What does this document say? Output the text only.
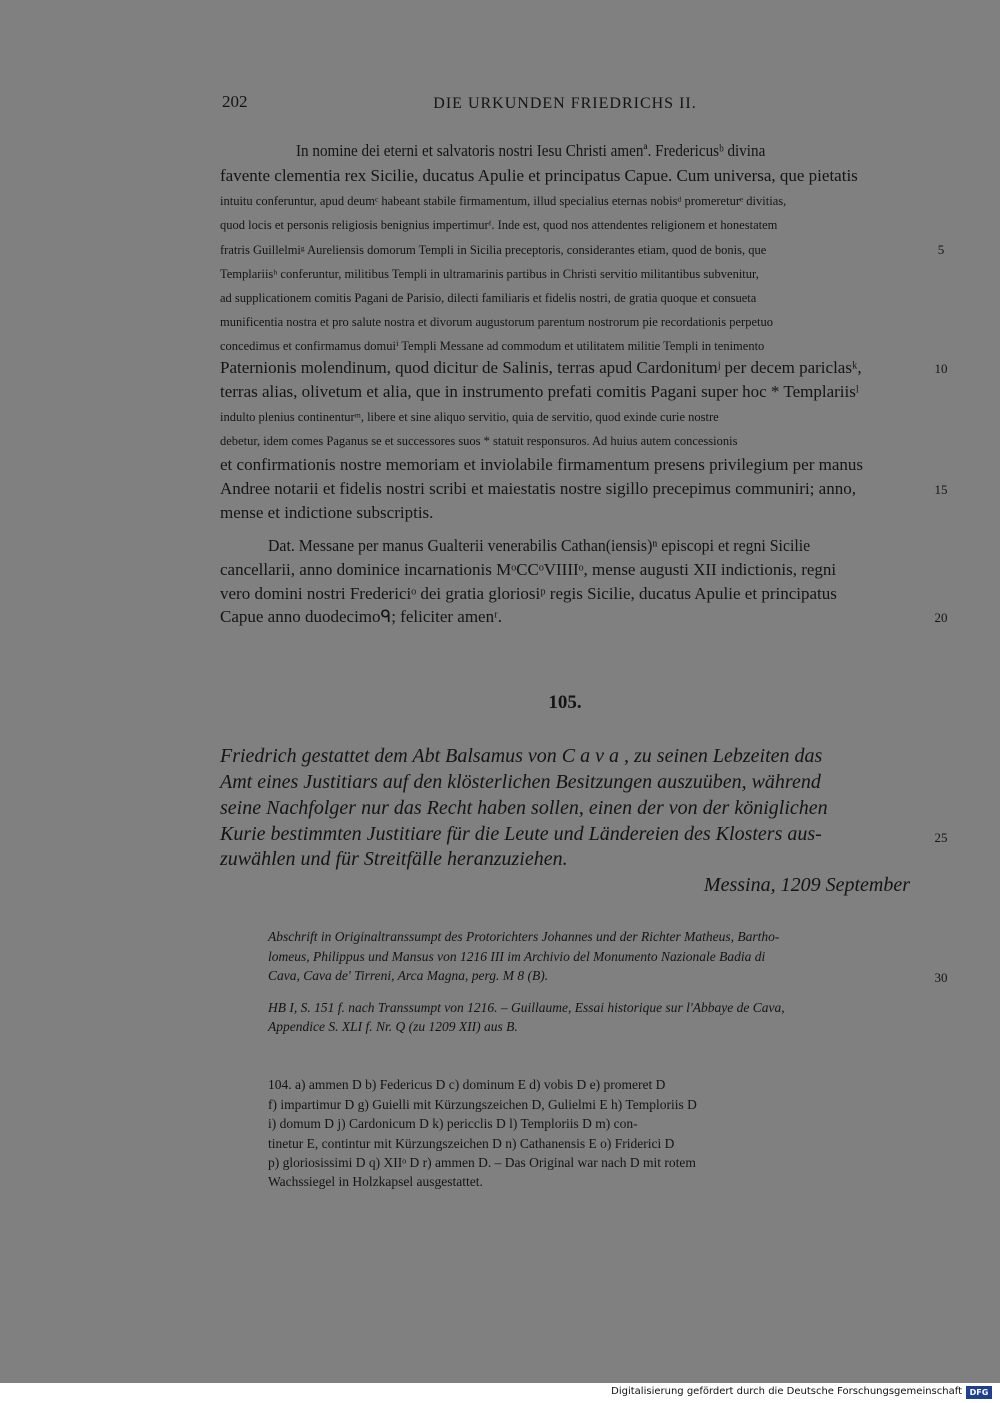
202	DIE URKUNDEN FRIEDRICHS II.
In nomine dei eterni et salvatoris nostri Iesu Christi amenª. Fredericusᵇ divina
favente clementia rex Sicilie, ducatus Apulie et principatus Capue. Cum universa, que pietatis
intuitu conferuntur, apud deumᶜ habeant stabile firmamentum, illud specialius eternas nobisᵈ promereturᵉ divitias,
quod locis et personis religiosis benignius impertimurᶠ. Inde est, quod nos attendentes religionem et honestatem
fratris Guillelmiᵍ Aureliensis domorum Templi in Sicilia preceptoris, considerantes etiam, quod de bonis, que
Templariisʰ conferuntur, militibus Templi in ultramarinis partibus in Christi servitio militantibus subvenitur,
ad supplicationem comitis Pagani de Parisio, dilecti familiaris et fidelis nostri, de gratia quoque et consueta
munificentia nostra et pro salute nostra et divorum augustorum parentum nostrorum pie recordationis perpetuo
concedimus et confirmamus domuiⁱ Templi Messane ad commodum et utilitatem militie Templi in tenimento
Paternionis molendinum, quod dicitur de Salinis, terras apud Cardonitumʲ per decem pariclasᵏ,
terras alias, olivetum et alia, que in instrumento prefati comitis Pagani super hoc * Templariisˡ
indulto plenius continenturᵐ, libere et sine aliquo servitio, quia de servitio, quod exinde curie nostre
debetur, idem comes Paganus se et successores suos * statuit responsuros. Ad huius autem concessionis
et confirmationis nostre memoriam et inviolabile firmamentum presens privilegium per manus
Andree notarii et fidelis nostri scribi et maiestatis nostre sigillo precepimus communiri; anno,
mense et indictione subscriptis.
Dat. Messane per manus Gualterii venerabilis Cathan(iensis)ⁿ episcopi et regni Sicilie
cancellarii, anno dominice incarnationis MᵒCCᵒVIIIIᵒ, mense augusti XII indictionis, regni
vero domini nostri Fredericiᵒ dei gratia gloriosiᵖ regis Sicilie, ducatus Apulie et principatus
Capue anno duodecimoᑫ; feliciter amenʳ.
5
10
15
20
25
30
105.
Friedrich gestattet dem Abt Balsamus von C a v a , zu seinen Lebzeiten das
Amt eines Justitiars auf den klösterlichen Besitzungen auszuüben, während
seine Nachfolger nur das Recht haben sollen, einen der von der königlichen
Kurie bestimmten Justitiare für die Leute und Ländereien des Klosters aus-
zuwählen und für Streitfälle heranzuziehen.
Messina, 1209 September
Abschrift in Originaltranssumpt des Protorichters Johannes und der Richter Matheus, Bartho-
lomeus, Philippus und Mansus von 1216 III im Archivio del Monumento Nazionale Badia di
Cava, Cava de' Tirreni, Arca Magna, perg. M 8 (B).
HB I, S. 151 f. nach Transsumpt von 1216. – Guillaume, Essai historique sur l'Abbaye de Cava,
Appendice S. XLI f. Nr. Q (zu 1209 XII) aus B.
104. a) ammen D b) Federicus D c) dominum E d) vobis D e) promeret D
f) impartimur D g) Guielli mit Kürzungszeichen D, Gulielmi E h) Temploriis D
i) domum D j) Cardonicum D k) pericclis D l) Temploriis D m) con-
tinetur E, contintur mit Kürzungszeichen D n) Cathanensis E o) Friderici D
p) gloriosissimi D q) XIIᵒ D r) ammen D. – Das Original war nach D mit rotem
Wachssiegel in Holzkapsel ausgestattet.
Digitalisierung gefördert durch die Deutsche Forschungsgemeinschaft DFG
